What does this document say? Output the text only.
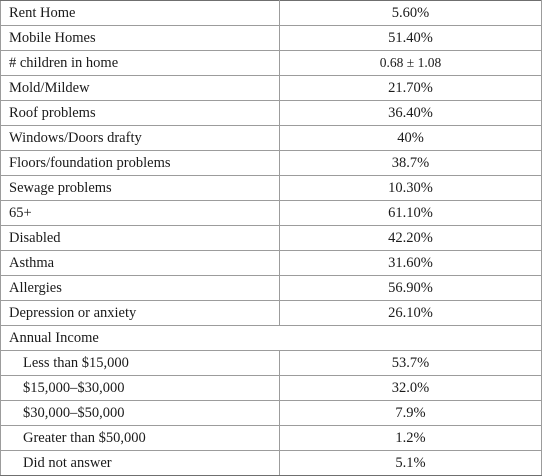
Rent Home	5.60%
Mobile Homes	51.40%
# children in home	0.68 ± 1.08
Mold/Mildew	21.70%
Roof problems	36.40%
Windows/Doors drafty	40%
Floors/foundation problems	38.7%
Sewage problems	10.30%
65+	61.10%
Disabled	42.20%
Asthma	31.60%
Allergies	56.90%
Depression or anxiety	26.10%
Annual Income	
Less than $15,000	53.7%
$15,000–$30,000	32.0%
$30,000–$50,000	7.9%
Greater than $50,000	1.2%
Did not answer	5.1%
